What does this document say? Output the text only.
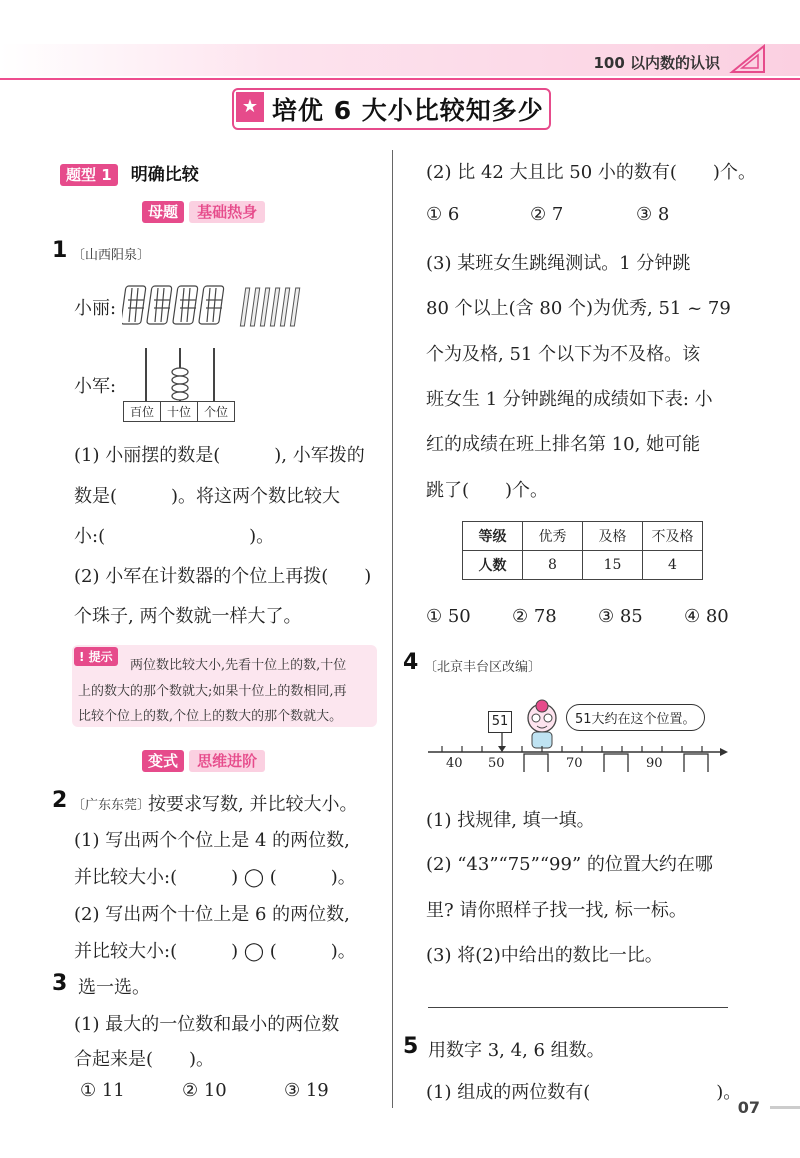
100 以内数的认识
★ 培优 6 大小比较知多少
题型 1 明确比较
母题 基础热身
1 〔山西阳泉〕
小丽:
小军:
百位	十位	个位
(1) 小丽摆的数是(　　　), 小军拨的
数是(　　　)。将这两个数比较大
小:(　　　　　　　　)。
(2) 小军在计数器的个位上再拨(　　)
个珠子, 两个数就一样大了。
! 提示
两位数比较大小,先看十位上的数,十位
上的数大的那个数就大;如果十位上的数相同,再
比较个位上的数,个位上的数大的那个数就大。
变式 思维进阶
2 〔广东东莞〕
按要求写数, 并比较大小。
(1) 写出两个个位上是 4 的两位数,
并比较大小:(　　　) ◯ (　　　)。
(2) 写出两个十位上是 6 的两位数,
并比较大小:(　　　) ◯ (　　　)。
3 选一选。
(1) 最大的一位数和最小的两位数
合起来是(　　)。
① 11	② 10	③ 19
(2) 比 42 大且比 50 小的数有(　　)个。
① 6	② 7	③ 8
(3) 某班女生跳绳测试。1 分钟跳
80 个以上(含 80 个)为优秀, 51 ~ 79
个为及格, 51 个以下为不及格。该
班女生 1 分钟跳绳的成绩如下表: 小
红的成绩在班上排名第 10, 她可能
跳了(　　)个。
等级	优秀	及格	不及格
人数	8	15	4
① 50 ② 78 ③ 85 ④ 80
4 〔北京丰台区改编〕
51	51大约在这个位置。
40 50	70	90
(1) 找规律, 填一填。
(2) “43”“75”“99” 的位置大约在哪
里? 请你照样子找一找, 标一标。
(3) 将(2)中给出的数比一比。
5 用数字 3, 4, 6 组数。
(1) 组成的两位数有(　　　　　　　)。
07
